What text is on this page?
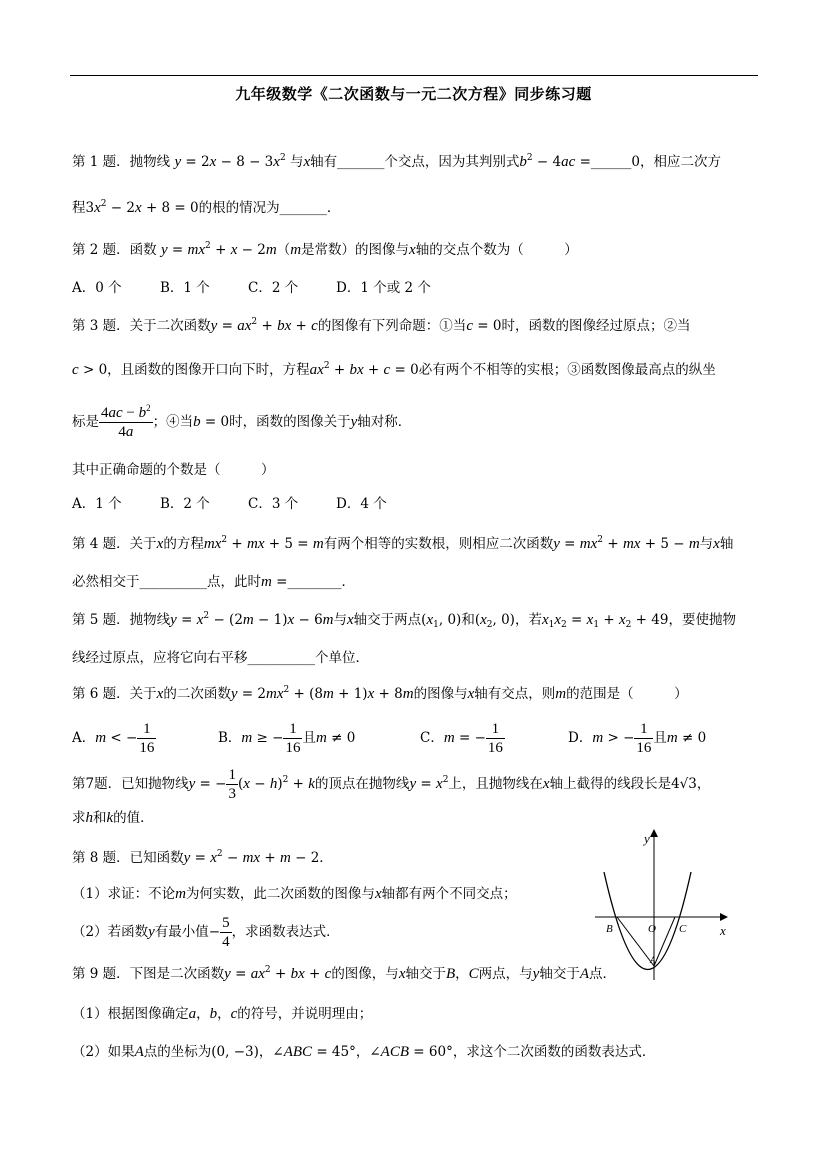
九年级数学《二次函数与一元二次方程》同步练习题
第 1 题．抛物线 $y = 2x - 8 - 3x^2$ 与x轴有_______个交点，因为其判别式$b^2 - 4ac$ =______0，相应二次方
程$3x^2 - 2x + 8 = 0$的根的情况为_______．
第 2 题．函数 $y = mx^2 + x - 2m(m$是常数）的图像与x轴的交点个数为（　　　）
A．0 个	B．1 个	C．2 个	D．1 个或 2 个
第 3 题．关于二次函数$y = ax^2$ + bx + c的图像有下列命题：①当c = 0时，函数的图像经过原点；②当
c > 0，且函数的图像开口向下时，方程$ax^2$ + bx + c = 0必有两个不相等的实根；③函数图像最高点的纵坐
标是 $\frac{4ac - b^2}{4a}$ ；④当b = 0时，函数的图像关于y轴对称．
其中正确命题的个数是（　　　）
A．1 个	B．2 个	C．3 个	D．4 个
第 4 题．关于x的方程$mx^2$ + mx + 5 = m有两个相等的实数根，则相应二次函数$y = mx^2$ + mx + 5 − m与x轴
必然相交于__________点，此时m =________．
第 5 题．抛物线$y = x^2 - (2m - 1)x - 6m$与x轴交于两点($x_1$, 0)和($x_2$, 0)，若$x_1x_2 = x_1 + x_2 + 49$，要使抛物
线经过原点，应将它向右平移__________个单位．
第 6 题．关于x的二次函数$y = 2mx^2 + (8m + 1)x + 8m$的图像与x轴有交点，则m的范围是（　　　）
A．m < − $\frac{1}{16}$	B．m ≥ − $\frac{1}{16}$ 且m ≠ 0	C．m = − $\frac{1}{16}$	D．m > − $\frac{1}{16}$ 且m ≠ 0
第7题．已知抛物线y = − $\frac{1}{3} (x - h)^2 + k$的顶点在抛物线$y = x^2$上，且抛物线在x轴上截得的线段长是4√3，
求h和k的值．
第 8 题．已知函数$y = x^2$ − mx + m − 2．
（1）求证：不论m为何实数，此二次函数的图像与x轴都有两个不同交点；
（2）若函数y有最小值− $\frac{5}{4}$ ，求函数表达式．
第 9 题．下图是二次函数$y = ax^2$ + bx + c的图像，与x轴交于B，C两点，与y轴交于A点．
（1）根据图像确定a，b，c的符号，并说明理由；
（2）如果A点的坐标为(0, −3)，∠ABC = 45°，∠ACB = 60°，求这个二次函数的函数表达式．
y
x
B	O C
A
